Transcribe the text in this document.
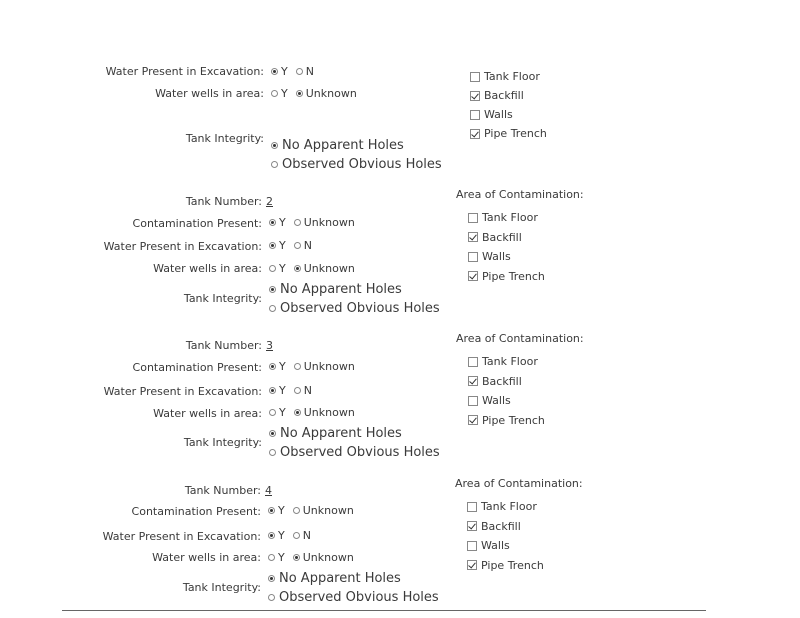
Water Present in Excavation: Y N
Water wells in area: Y Unknown
Tank Integrity: No Apparent Holes
Observed Obvious Holes
Tank Floor
Backfill
Walls
Pipe Trench
Tank Number: 2
Contamination Present: Y Unknown
Water Present in Excavation: Y N
Water wells in area: Y Unknown
Tank Integrity:
No Apparent Holes
Observed Obvious Holes
Area of Contamination:
Tank Floor
Backfill
Walls
Pipe Trench
Tank Number: 3
Contamination Present: Y Unknown
Water Present in Excavation: Y N
Water wells in area: Y Unknown
Tank Integrity:
No Apparent Holes
Observed Obvious Holes
Area of Contamination:
Tank Floor
Backfill
Walls
Pipe Trench
Tank Number: 4
Contamination Present: Y Unknown
Water Present in Excavation: Y N
Water wells in area: Y Unknown
Tank Integrity:
No Apparent Holes
Observed Obvious Holes
Area of Contamination:
Tank Floor
Backfill
Walls
Pipe Trench
